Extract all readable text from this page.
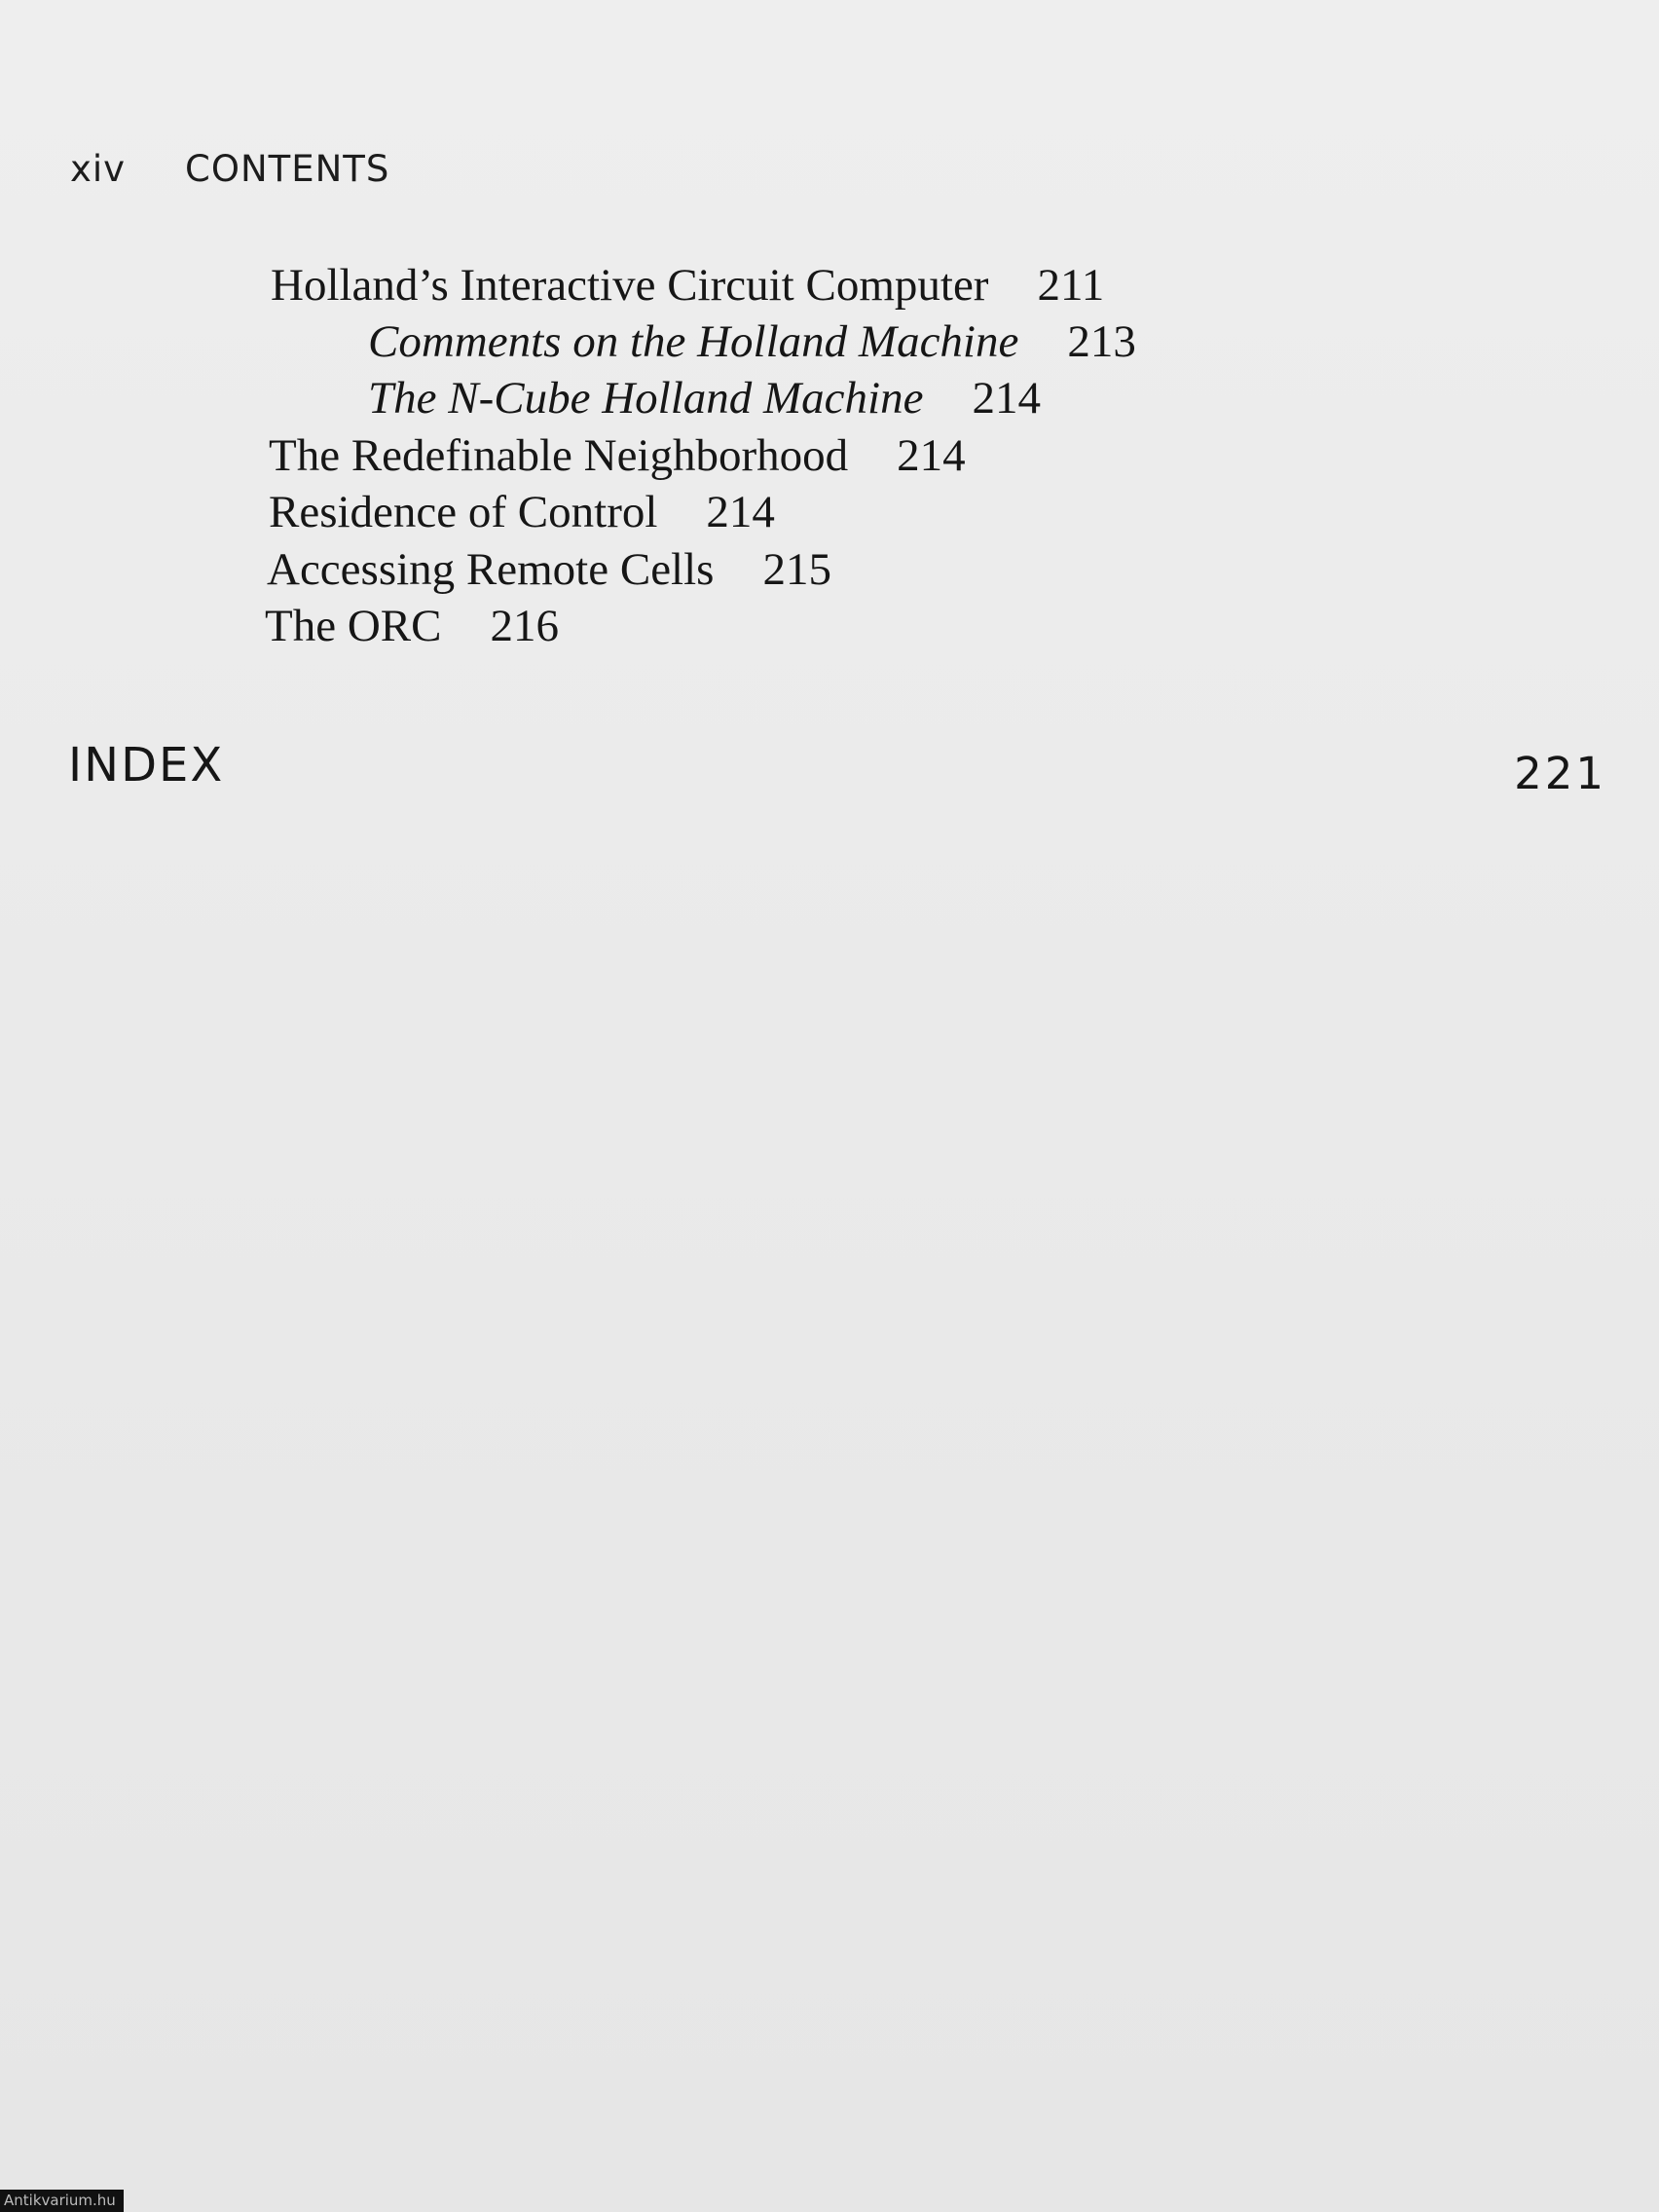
xiv CONTENTS
Holland’s Interactive Circuit Computer 211
Comments on the Holland Machine 213
The N-Cube Holland Machine 214
The Redefinable Neighborhood 214
Residence of Control 214
Accessing Remote Cells 215
The ORC 216
INDEX	221
Antikvarium.hu
